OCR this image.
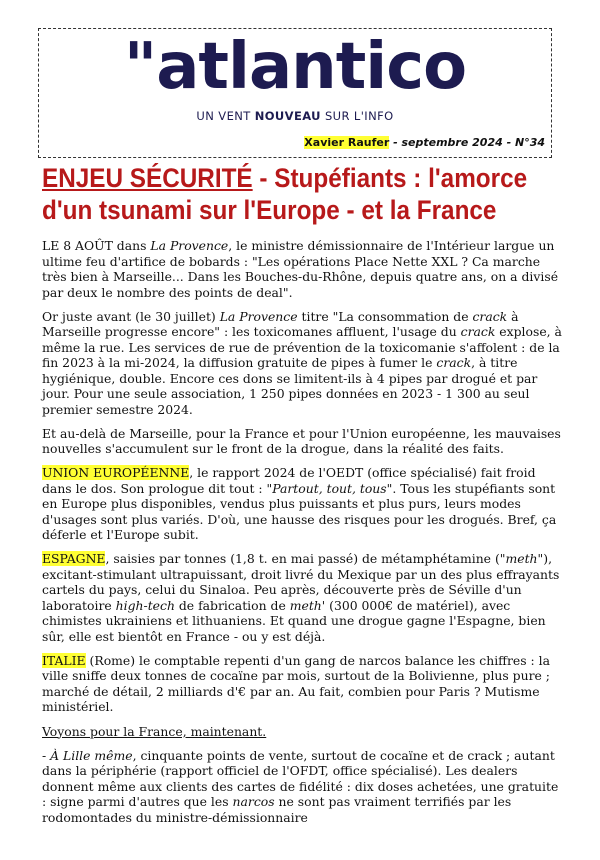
"atlantico
UN VENT NOUVEAU SUR L'INFO
Xavier Raufer - septembre 2024 - N°34
ENJEU SÉCURITÉ - Stupéfiants : l'amorce d'un tsunami sur l'Europe - et la France

LE 8 AOÛT dans La Provence, le ministre démissionnaire de l'Intérieur largue un ultime feu d'artifice de bobards : "Les opérations Place Nette XXL ? Ca marche très bien à Marseille... Dans les Bouches-du-Rhône, depuis quatre ans, on a divisé par deux le nombre des points de deal".

Or juste avant (le 30 juillet) La Provence titre "La consommation de crack à Marseille progresse encore" : les toxicomanes affluent, l'usage du crack explose, à même la rue. Les services de rue de prévention de la toxicomanie s'affolent : de la fin 2023 à la mi-2024, la diffusion gratuite de pipes à fumer le crack, à titre hygiénique, double. Encore ces dons se limitent-ils à 4 pipes par drogué et par jour. Pour une seule association, 1 250 pipes données en 2023 - 1 300 au seul premier semestre 2024.

Et au-delà de Marseille, pour la France et pour l'Union européenne, les mauvaises nouvelles s'accumulent sur le front de la drogue, dans la réalité des faits.

UNION EUROPÉENNE, le rapport 2024 de l'OEDT (office spécialisé) fait froid dans le dos. Son prologue dit tout : "Partout, tout, tous". Tous les stupéfiants sont en Europe plus disponibles, vendus plus puissants et plus purs, leurs modes d'usages sont plus variés. D'où, une hausse des risques pour les drogués. Bref, ça déferle et l'Europe subit.

ESPAGNE, saisies par tonnes (1,8 t. en mai passé) de métamphétamine ("meth"), excitant-stimulant ultrapuissant, droit livré du Mexique par un des plus effrayants cartels du pays, celui du Sinaloa. Peu après, découverte près de Séville d'un laboratoire high-tech de fabrication de meth' (300 000€ de matériel), avec chimistes ukrainiens et lithuaniens. Et quand une drogue gagne l'Espagne, bien sûr, elle est bientôt en France - ou y est déjà.

ITALIE (Rome) le comptable repenti d'un gang de narcos balance les chiffres : la ville sniffe deux tonnes de cocaïne par mois, surtout de la Bolivienne, plus pure ; marché de détail, 2 milliards d'€ par an. Au fait, combien pour Paris ? Mutisme ministériel.

Voyons pour la France, maintenant.

- À Lille même, cinquante points de vente, surtout de cocaïne et de crack ; autant dans la périphérie (rapport officiel de l'OFDT, office spécialisé). Les dealers donnent même aux clients des cartes de fidélité : dix doses achetées, une gratuite : signe parmi d'autres que les narcos ne sont pas vraiment terrifiés par les rodomontades du ministre-démissionnaire
